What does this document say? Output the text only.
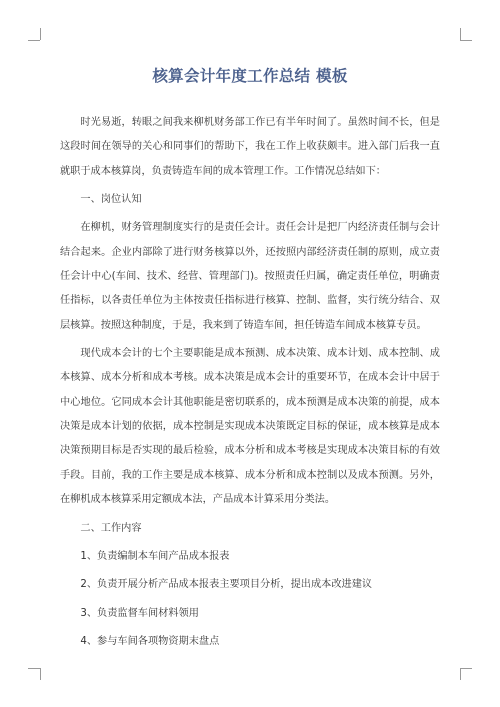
核算会计年度工作总结 模板

时光易逝，转眼之间我来柳机财务部工作已有半年时间了。虽然时间不长，但是这段时间在领导的关心和同事们的帮助下，我在工作上收获颇丰。进入部门后我一直就职于成本核算岗，负责铸造车间的成本管理工作。工作情况总结如下：

一、岗位认知

在柳机，财务管理制度实行的是责任会计。责任会计是把厂内经济责任制与会计结合起来。企业内部除了进行财务核算以外，还按照内部经济责任制的原则，成立责任会计中心(车间、技术、经营、管理部门)。按照责任归属，确定责任单位，明确责任指标，以各责任单位为主体按责任指标进行核算、控制、监督，实行统分结合、双层核算。按照这种制度，于是，我来到了铸造车间，担任铸造车间成本核算专员。

现代成本会计的七个主要职能是成本预测、成本决策、成本计划、成本控制、成本核算、成本分析和成本考核。成本决策是成本会计的重要环节，在成本会计中居于中心地位。它同成本会计其他职能是密切联系的，成本预测是成本决策的前提，成本决策是成本计划的依据，成本控制是实现成本决策既定目标的保证，成本核算是成本决策预期目标是否实现的最后检验，成本分析和成本考核是实现成本决策目标的有效手段。目前，我的工作主要是成本核算、成本分析和成本控制以及成本预测。另外，在柳机成本核算采用定额成本法，产品成本计算采用分类法。

二、工作内容

1、负责编制本车间产品成本报表

2、负责开展分析产品成本报表主要项目分析，提出成本改进建议

3、负责监督车间材料领用

4、参与车间各项物资期末盘点
